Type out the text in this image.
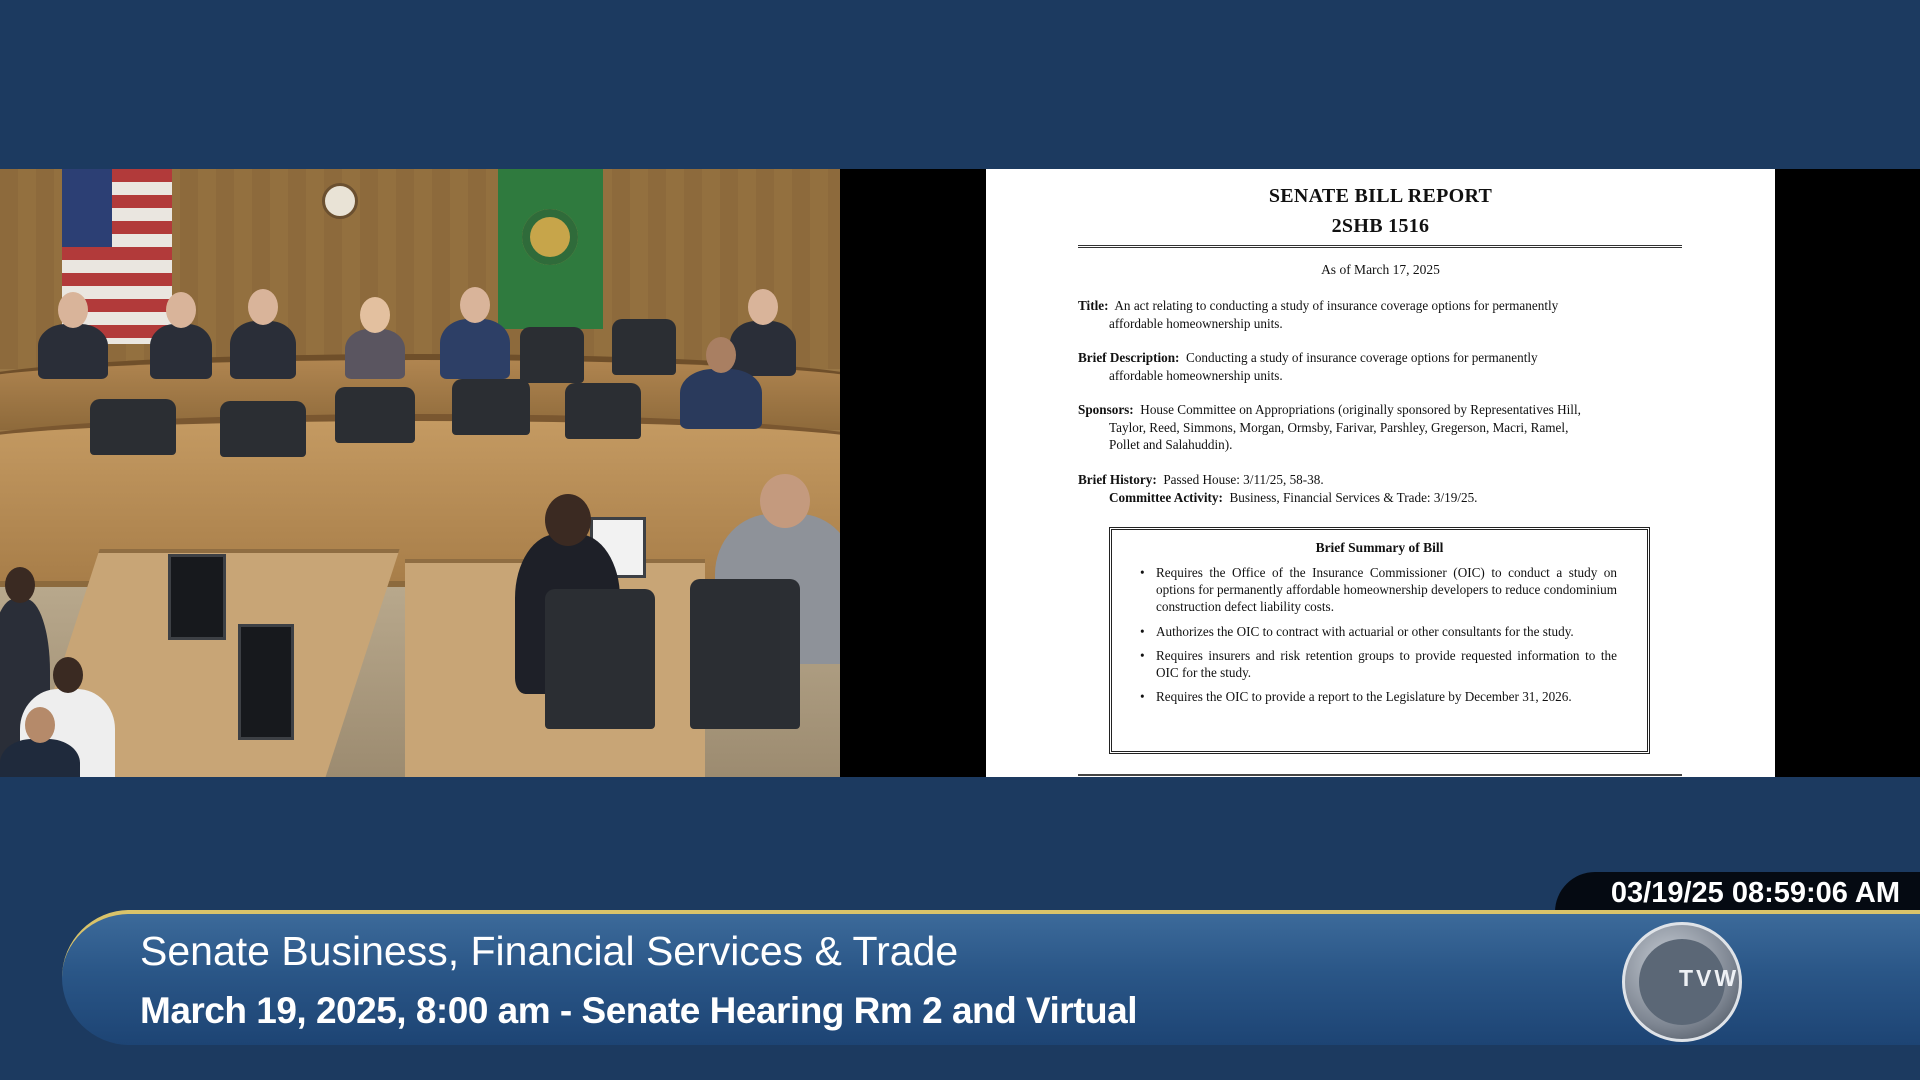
SENATE BILL REPORT
2SHB 1516
As of March 17, 2025
Title: An act relating to conducting a study of insurance coverage options for permanently
affordable homeownership units.
Brief Description: Conducting a study of insurance coverage options for permanently
affordable homeownership units.
Sponsors: House Committee on Appropriations (originally sponsored by Representatives Hill,
Taylor, Reed, Simmons, Morgan, Ormsby, Farivar, Parshley, Gregerson, Macri, Ramel,
Pollet and Salahuddin).
Brief History: Passed House: 3/11/25, 58-38.
Committee Activity: Business, Financial Services & Trade: 3/19/25.
Brief Summary of Bill
• Requires the Office of the Insurance Commissioner (OIC) to conduct a study on options for permanently affordable homeownership developers to reduce condominium construction defect liability costs.
• Authorizes the OIC to contract with actuarial or other consultants for the study.
• Requires insurers and risk retention groups to provide requested information to the OIC for the study.
• Requires the OIC to provide a report to the Legislature by December 31, 2026.
03/19/25 08:59:06 AM
Senate Business, Financial Services & Trade
March 19, 2025, 8:00 am - Senate Hearing Rm 2 and Virtual
TVW
